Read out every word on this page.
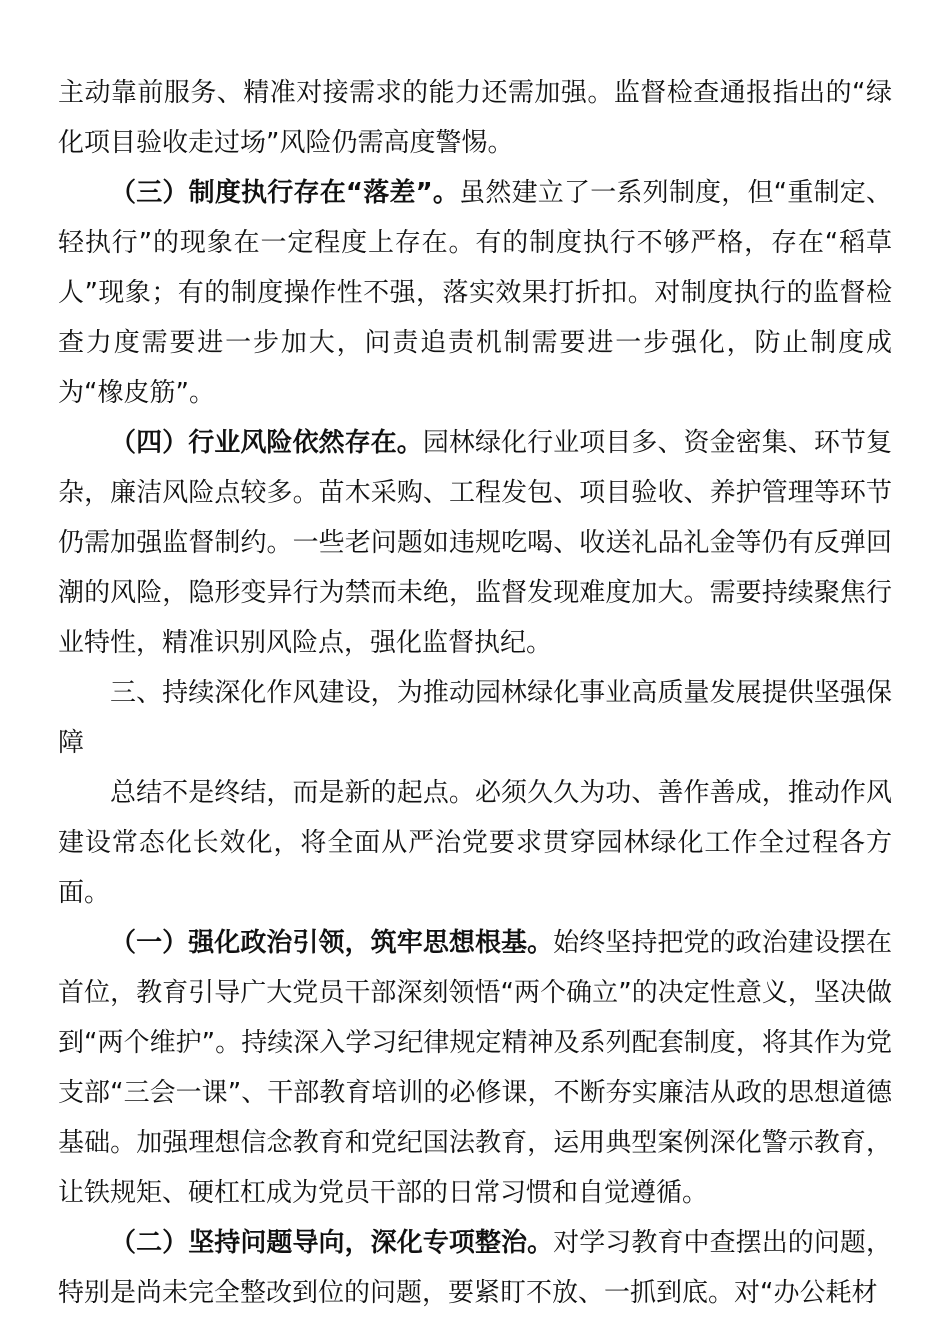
主动靠前服务、精准对接需求的能力还需加强。监督检查通报指出的“绿化项目验收走过场”风险仍需高度警惕。

（三）制度执行存在“落差”。虽然建立了一系列制度，但“重制定、轻执行”的现象在一定程度上存在。有的制度执行不够严格，存在“稻草人”现象；有的制度操作性不强，落实效果打折扣。对制度执行的监督检查力度需要进一步加大，问责追责机制需要进一步强化，防止制度成为“橡皮筋”。

（四）行业风险依然存在。园林绿化行业项目多、资金密集、环节复杂，廉洁风险点较多。苗木采购、工程发包、项目验收、养护管理等环节仍需加强监督制约。一些老问题如违规吃喝、收送礼品礼金等仍有反弹回潮的风险，隐形变异行为禁而未绝，监督发现难度加大。需要持续聚焦行业特性，精准识别风险点，强化监督执纪。

三、持续深化作风建设，为推动园林绿化事业高质量发展提供坚强保障

总结不是终结，而是新的起点。必须久久为功、善作善成，推动作风建设常态化长效化，将全面从严治党要求贯穿园林绿化工作全过程各方面。

（一）强化政治引领，筑牢思想根基。始终坚持把党的政治建设摆在首位，教育引导广大党员干部深刻领悟“两个确立”的决定性意义，坚决做到“两个维护”。持续深入学习纪律规定精神及系列配套制度，将其作为党支部“三会一课”、干部教育培训的必修课，不断夯实廉洁从政的思想道德基础。加强理想信念教育和党纪国法教育，运用典型案例深化警示教育，让铁规矩、硬杠杠成为党员干部的日常习惯和自觉遵循。

（二）坚持问题导向，深化专项整治。对学习教育中查摆出的问题，特别是尚未完全整改到位的问题，要紧盯不放、一抓到底。对“办公耗材
